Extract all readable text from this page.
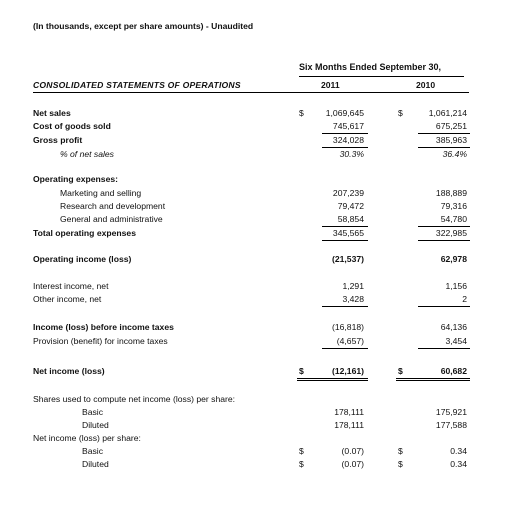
(In thousands, except per share amounts) - Unaudited
Six Months Ended September 30,
CONSOLIDATED STATEMENTS OF OPERATIONS	2011	2010
Net sales	$	1,069,645	$	1,061,214
Cost of goods sold	745,617	675,251
Gross profit	324,028	385,963
% of net sales	30.3%	36.4%
Operating expenses:
Marketing and selling	207,239	188,889
Research and development	79,472	79,316
General and administrative	58,854	54,780
Total operating expenses	345,565	322,985
Operating income (loss)	(21,537)	62,978
Interest income, net	1,291	1,156
Other income, net	3,428	2
Income (loss) before income taxes	(16,818)	64,136
Provision (benefit) for income taxes	(4,657)	3,454
Net income (loss)	$	(12,161)	$	60,682
Shares used to compute net income (loss) per share:
Basic	178,111	175,921
Diluted	178,111	177,588
Net income (loss) per share:
Basic	$	(0.07)	$	0.34
Diluted	$	(0.07)	$	0.34
